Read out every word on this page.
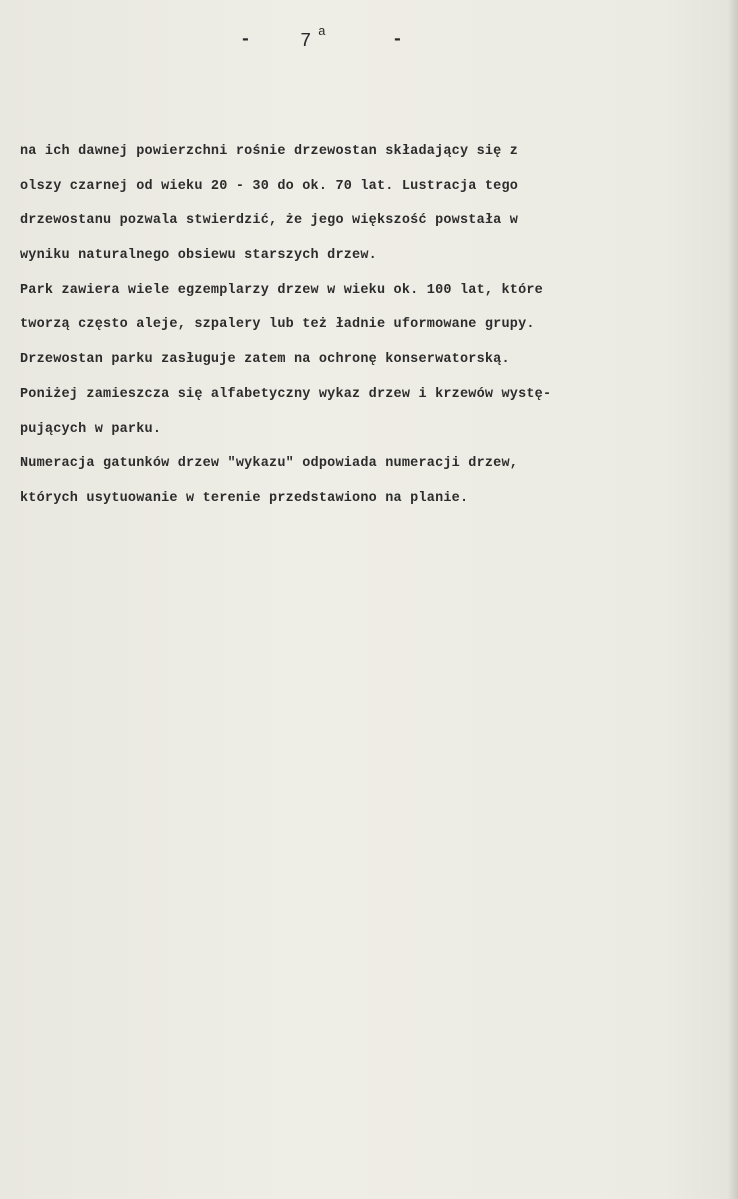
-	7 a	-
na ich dawnej powierzchni rośnie drzewostan składający się z
olszy czarnej od wieku 20 - 30 do ok. 70 lat. Lustracja tego
drzewostanu pozwala stwierdzić, że jego większość powstała w
wyniku naturalnego obsiewu starszych drzew.
Park zawiera wiele egzemplarzy drzew w wieku ok. 100 lat, które
tworzą często aleje, szpalery lub też ładnie uformowane grupy.
Drzewostan parku zasługuje zatem na ochronę konserwatorską.
Poniżej zamieszcza się alfabetyczny wykaz drzew i krzewów wystę-
pujących w parku.
Numeracja gatunków drzew "wykazu" odpowiada numeracji drzew,
których usytuowanie w terenie przedstawiono na planie.
